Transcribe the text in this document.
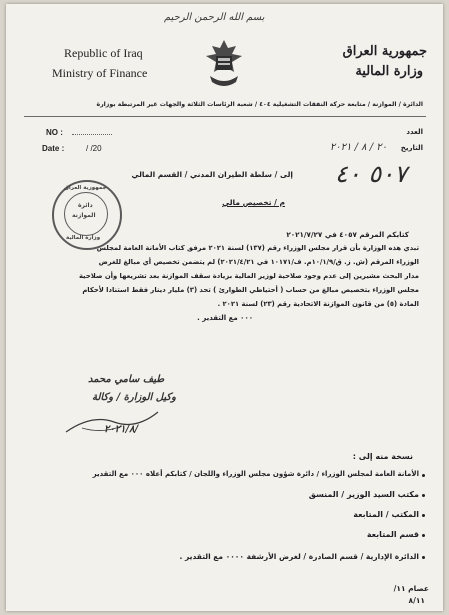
بسم الله الرحمن الرحيم
Republic of Iraq
Ministry of Finance
جمهورية العراق
وزارة المالية
الدائرة / الموازنة / متابعة حركة النفقات التشغيلية ٤٠٤ / شعبة الرئاسات الثلاثة والجهات غير المرتبطة بوزارة
NO :
Date :	/ /20
العدد
التاريخ
٢٠ / ٨ / ٢٠٢١
٥٠٧ ٤٠
إلى / سلطة الطيران المدني / القسم المالي
جمهورية العراق
دائرة
الموازنة
وزارة المالية
م / تخصيص مالي
كتابكم المرقم ٤٠٥٧ في ٢٠٢١/٧/٢٧
تبدي هذه الوزارة بأن قرار مجلس الوزراء رقم (١٣٧) لسنة ٢٠٢١ مرفق كتاب الأمانة العامة لمجلس
الوزراء المرقم (ش. ز. ق/١٠/١/٩م. ف/١٠١٧١ في ٢٠٢١/٤/٢١) لم يتضمن تخصيص أي مبالغ للغرض
مدار البحث مشيرين إلى عدم وجود صلاحية لوزير المالية بزيادة سقف الموازنة بعد تشريعها وأن صلاحية
مجلس الوزراء بتخصيص مبالغ من حساب ( أحتياطي الطوارئ ) تحد (٣) مليار دينار فقط استنادا لأحكام
المادة (٥) من قانون الموازنة الاتحادية رقم (٢٣) لسنة ٢٠٢١ .
٠٠٠ مع التقدير .
طيف سامي محمد
وكيل الوزارة / وكالة
٢٠٢١/٨/
نسخة منه إلى :
الأمانة العامة لمجلس الوزراء / دائرة شؤون مجلس الوزراء واللجان / كتابكم أعلاه ٠٠٠ مع التقدير
مكتب السيد الوزير / المنسق
المكتب / المتابعة
قسم المتابعة
الدائرة الإدارية / قسم الصادرة / لغرض الأرشفة ٠٠٠٠ مع التقدير .
عصام ١١/
٨/١١
